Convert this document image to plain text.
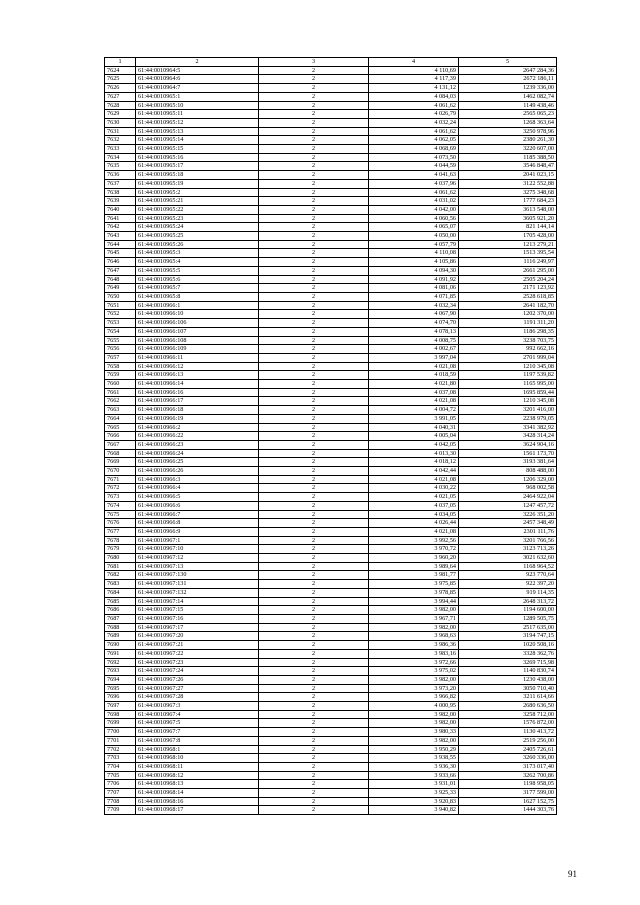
1	2	3	4	5
7624	61:44:0010964:5	2	4 110,69	2647 284,36
7625	61:44:0010964:6	2	4 117,39	2672 186,11
7626	61:44:0010964:7	2	4 131,12	1239 336,00
7627	61:44:0010965:1	2	4 084,03	1462 082,74
7628	61:44:0010965:10	2	4 061,62	1149 438,46
7629	61:44:0010965:11	2	4 026,79	2565 065,23
7630	61:44:0010965:12	2	4 032,24	1268 363,64
7631	61:44:0010965:13	2	4 061,62	3250 978,96
7632	61:44:0010965:14	2	4 062,05	2380 261,30
7633	61:44:0010965:15	2	4 068,69	3220 607,00
7634	61:44:0010965:16	2	4 073,50	1185 388,50
7635	61:44:0010965:17	2	4 044,59	3546 848,47
7636	61:44:0010965:18	2	4 041,63	2041 023,15
7637	61:44:0010965:19	2	4 037,96	3122 552,88
7638	61:44:0010965:2	2	4 061,62	3275 348,68
7639	61:44:0010965:21	2	4 031,02	1777 684,23
7640	61:44:0010965:22	2	4 042,00	3613 548,00
7641	61:44:0010965:23	2	4 060,56	3605 921,20
7642	61:44:0010965:24	2	4 065,07	821 144,14
7643	61:44:0010965:25	2	4 050,00	1705 428,00
7644	61:44:0010965:26	2	4 057,79	1213 279,21
7645	61:44:0010965:3	2	4 110,08	1513 395,54
7646	61:44:0010965:4	2	4 105,86	1116 249,97
7647	61:44:0010965:5	2	4 094,30	2661 295,00
7648	61:44:0010965:6	2	4 091,92	2505 204,24
7649	61:44:0010965:7	2	4 081,06	2171 123,92
7650	61:44:0010965:8	2	4 071,85	2528 618,85
7651	61:44:0010966:1	2	4 032,34	2641 182,70
7652	61:44:0010966:10	2	4 067,90	1202 370,00
7653	61:44:0010966:106	2	4 074,70	1191 311,20
7654	61:44:0010966:107	2	4 078,13	1186 298,35
7655	61:44:0010966:108	2	4 008,75	3238 703,75
7656	61:44:0010966:109	2	4 002,67	992 662,16
7657	61:44:0010966:11	2	3 997,04	2701 999,04
7658	61:44:0010966:12	2	4 021,08	1210 345,08
7659	61:44:0010966:13	2	4 018,59	1197 539,82
7660	61:44:0010966:14	2	4 021,80	1165 995,00
7661	61:44:0010966:16	2	4 037,08	1695 859,44
7662	61:44:0010966:17	2	4 021,08	1210 345,08
7663	61:44:0010966:18	2	4 004,72	3201 416,00
7664	61:44:0010966:19	2	3 991,05	2238 979,05
7665	61:44:0010966:2	2	4 040,31	3341 382,92
7666	61:44:0010966:22	2	4 005,04	3428 314,24
7667	61:44:0010966:23	2	4 042,05	3624 904,16
7668	61:44:0010966:24	2	4 013,30	1561 173,70
7669	61:44:0010966:25	2	4 018,12	3193 381,64
7670	61:44:0010966:26	2	4 042,44	808 488,00
7671	61:44:0010966:3	2	4 021,08	1206 329,00
7672	61:44:0010966:4	2	4 030,22	968 002,58
7673	61:44:0010966:5	2	4 021,05	2464 922,04
7674	61:44:0010966:6	2	4 037,05	1247 457,72
7675	61:44:0010966:7	2	4 034,05	3226 351,20
7676	61:44:0010966:8	2	4 026,44	2457 348,49
7677	61:44:0010966:9	2	4 021,08	2301 111,76
7678	61:44:0010967:1	2	3 992,56	3201 766,56
7679	61:44:0010967:10	2	3 970,72	3123 713,26
7680	61:44:0010967:12	2	3 960,20	3021 632,60
7681	61:44:0010967:13	2	3 989,64	1168 964,52
7682	61:44:0010967:130	2	3 981,77	923 770,64
7683	61:44:0010967:131	2	3 975,85	922 397,20
7684	61:44:0010967:132	2	3 978,85	919 114,35
7685	61:44:0010967:14	2	3 994,44	2648 313,72
7686	61:44:0010967:15	2	3 982,00	1194 600,00
7687	61:44:0010967:16	2	3 967,71	1289 505,75
7688	61:44:0010967:17	2	3 982,00	2517 635,00
7689	61:44:0010967:20	2	3 968,63	3194 747,15
7690	61:44:0010967:21	2	3 986,36	1020 508,16
7691	61:44:0010967:22	2	3 983,16	3328 362,76
7692	61:44:0010967:23	2	3 972,66	3269 715,98
7693	61:44:0010967:24	2	3 975,02	1140 830,74
7694	61:44:0010967:26	2	3 982,00	1230 438,00
7695	61:44:0010967:27	2	3 973,20	3050 710,40
7696	61:44:0010967:28	2	3 966,82	3211 614,66
7697	61:44:0010967:3	2	4 000,95	2680 636,50
7698	61:44:0010967:4	2	3 982,00	3258 712,00
7699	61:44:0010967:5	2	3 982,00	1576 872,00
7700	61:44:0010967:7	2	3 980,33	1130 413,72
7701	61:44:0010967:8	2	3 982,00	2519 256,00
7702	61:44:0010968:1	2	3 950,29	2405 726,61
7703	61:44:0010968:10	2	3 938,55	3260 336,00
7704	61:44:0010968:11	2	3 936,30	3173 017,40
7705	61:44:0010968:12	2	3 933,66	3262 700,86
7706	61:44:0010968:13	2	3 931,01	1198 958,05
7707	61:44:0010968:14	2	3 925,33	3177 599,00
7708	61:44:0010968:16	2	3 920,83	1627 152,75
7709	61:44:0010968:17	2	3 940,82	1444 303,76
91
